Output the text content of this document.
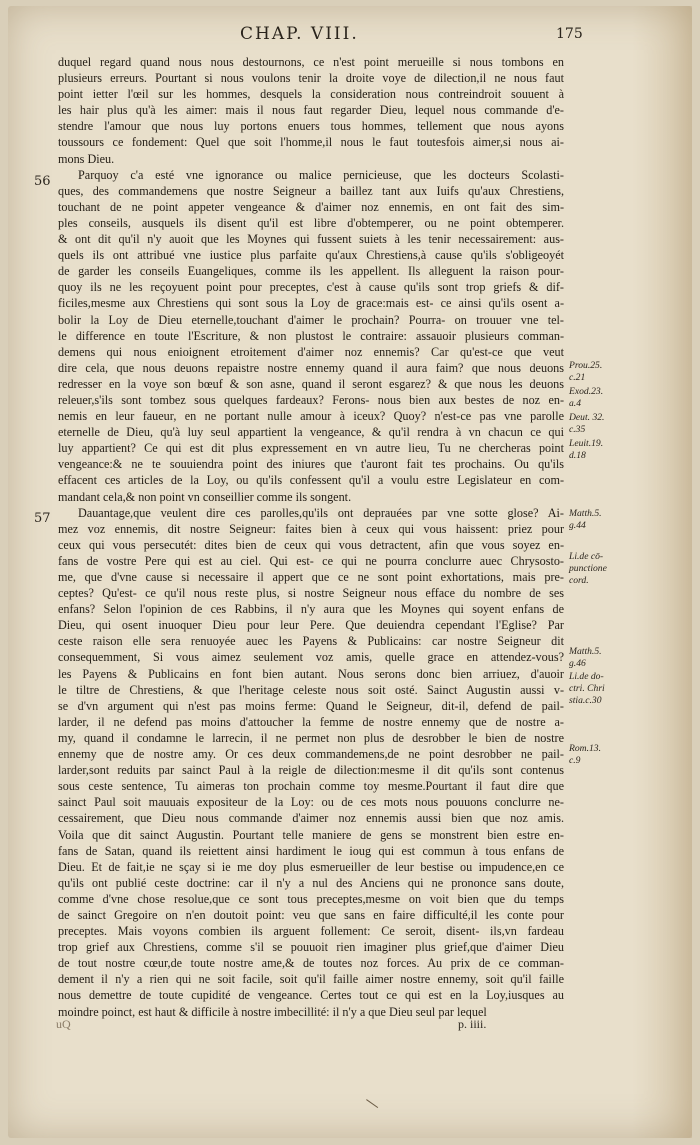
CHAP. VIII.	175
56
57
duquel regard quand nous nous destournons, ce n'est point merueille si nous tombons en
plusieurs erreurs. Pourtant si nous voulons tenir la droite voye de dilection,il ne nous faut
point ietter l'œil sur les hommes, desquels la consideration nous contreindroit souuent à
les hair plus qu'à les aimer: mais il nous faut regarder Dieu, lequel nous commande d'e-
stendre l'amour que nous luy portons enuers tous hommes, tellement que nous ayons
toussours ce fondement: Quel que soit l'homme,il nous le faut toutesfois aimer,si nous ai-
mons Dieu.
Parquoy c'a esté vne ignorance ou malice pernicieuse, que les docteurs Scolasti-
ques, des commandemens que nostre Seigneur a baillez tant aux Iuifs qu'aux Chrestiens,
touchant de ne point appeter vengeance & d'aimer noz ennemis, en ont fait des sim-
ples conseils, ausquels ils disent qu'il est libre d'obtemperer, ou ne point obtemperer.
& ont dit qu'il n'y auoit que les Moynes qui fussent suiets à les tenir necessairement: aus-
quels ils ont attribué vne iustice plus parfaite qu'aux Chrestiens,à cause qu'ils s'obligeoyét
de garder les conseils Euangeliques, comme ils les appellent. Ils alleguent la raison pour-
quoy ils ne les reçoyuent point pour preceptes, c'est à cause qu'ils sont trop griefs & dif-
ficiles,mesme aux Chrestiens qui sont sous la Loy de grace:mais est- ce ainsi qu'ils osent a-
bolir la Loy de Dieu eternelle,touchant d'aimer le prochain? Pourra- on trouuer vne tel-
le difference en toute l'Escriture, & non plustost le contraire: assauoir plusieurs comman-
demens qui nous enioignent etroitement d'aimer noz ennemis? Car qu'est-ce que veut
dire cela, que nous deuons repaistre nostre ennemy quand il aura faim? que nous deuons
redresser en la voye son bœuf & son asne, quand il seront esgarez? & que nous les deuons
releuer,s'ils sont tombez sous quelques fardeaux? Ferons- nous bien aux bestes de noz en-
nemis en leur faueur, en ne portant nulle amour à iceux? Quoy? n'est-ce pas vne parolle
eternelle de Dieu, qu'à luy seul appartient la vengeance, & qu'il rendra à vn chacun ce qui
luy appartient? Ce qui est dit plus expressement en vn autre lieu, Tu ne chercheras point
vengeance:& ne te souuiendra point des iniures que t'auront fait tes prochains. Ou qu'ils
effacent ces articles de la Loy, ou qu'ils confessent qu'il a voulu estre Legislateur en com-
mandant cela,& non point vn conseillier comme ils songent.
Dauantage,que veulent dire ces parolles,qu'ils ont deprauées par vne sotte glose? Ai-
mez voz ennemis, dit nostre Seigneur: faites bien à ceux qui vous haissent: priez pour
ceux qui vous persecutét: dites bien de ceux qui vous detractent, afin que vous soyez en-
fans de vostre Pere qui est au ciel. Qui est- ce qui ne pourra conclurre auec Chrysosto-
me, que d'vne cause si necessaire il appert que ce ne sont point exhortations, mais pre-
ceptes? Qu'est- ce qu'il nous reste plus, si nostre Seigneur nous efface du nombre de ses
enfans? Selon l'opinion de ces Rabbins, il n'y aura que les Moynes qui soyent enfans de
Dieu, qui osent inuoquer Dieu pour leur Pere. Que deuiendra cependant l'Eglise? Par
ceste raison elle sera renuoyée auec les Payens & Publicains: car nostre Seigneur dit
consequemment, Si vous aimez seulement voz amis, quelle grace en attendez-vous?
les Payens & Publicains en font bien autant. Nous serons donc bien arriuez, d'auoir
le tiltre de Chrestiens, & que l'heritage celeste nous soit osté. Sainct Augustin aussi v-
se d'vn argument qui n'est pas moins ferme: Quand le Seigneur, dit-il, defend de pail-
larder, il ne defend pas moins d'attoucher la femme de nostre ennemy que de nostre a-
my, quand il condamne le larrecin, il ne permet non plus de desrobber le bien de nostre
ennemy que de nostre amy. Or ces deux commandemens,de ne point desrobber ne pail-
larder,sont reduits par sainct Paul à la reigle de dilection:mesme il dit qu'ils sont contenus
sous ceste sentence, Tu aimeras ton prochain comme toy mesme.Pourtant il faut dire que
sainct Paul soit mauuais expositeur de la Loy: ou de ces mots nous pouuons conclurre ne-
cessairement, que Dieu nous commande d'aimer noz ennemis aussi bien que noz amis.
Voila que dit sainct Augustin. Pourtant telle maniere de gens se monstrent bien estre en-
fans de Satan, quand ils reiettent ainsi hardiment le ioug qui est commun à tous enfans de
Dieu. Et de fait,ie ne sçay si ie me doy plus esmerueiller de leur bestise ou impudence,en ce
qu'ils ont publié ceste doctrine: car il n'y a nul des Anciens qui ne prononce sans doute,
comme d'vne chose resolue,que ce sont tous preceptes,mesme on voit bien que du temps
de sainct Gregoire on n'en doutoit point: veu que sans en faire difficulté,il les conte pour
preceptes. Mais voyons combien ils arguent follement: Ce seroit, disent- ils,vn fardeau
trop grief aux Chrestiens, comme s'il se pouuoit rien imaginer plus grief,que d'aimer Dieu
de tout nostre cœur,de toute nostre ame,& de toutes noz forces. Au prix de ce comman-
dement il n'y a rien qui ne soit facile, soit qu'il faille aimer nostre ennemy, soit qu'il faille
nous demettre de toute cupidité de vengeance. Certes tout ce qui est en la Loy,iusques au
moindre poinct, est haut & difficile à nostre imbecillité: il n'y a que Dieu seul par lequel
Prou.25.
c.21
Exod.23.
a.4
Deut. 32.
c.35
Leuit.19.
d.18
Matth.5.
g.44
Li.de cō-
punctione
cord.
Matth.5.
g.46
Li.de do-
ctri. Chri
stia.c.30
Rom.13.
c.9
uQ	p. iiii.
